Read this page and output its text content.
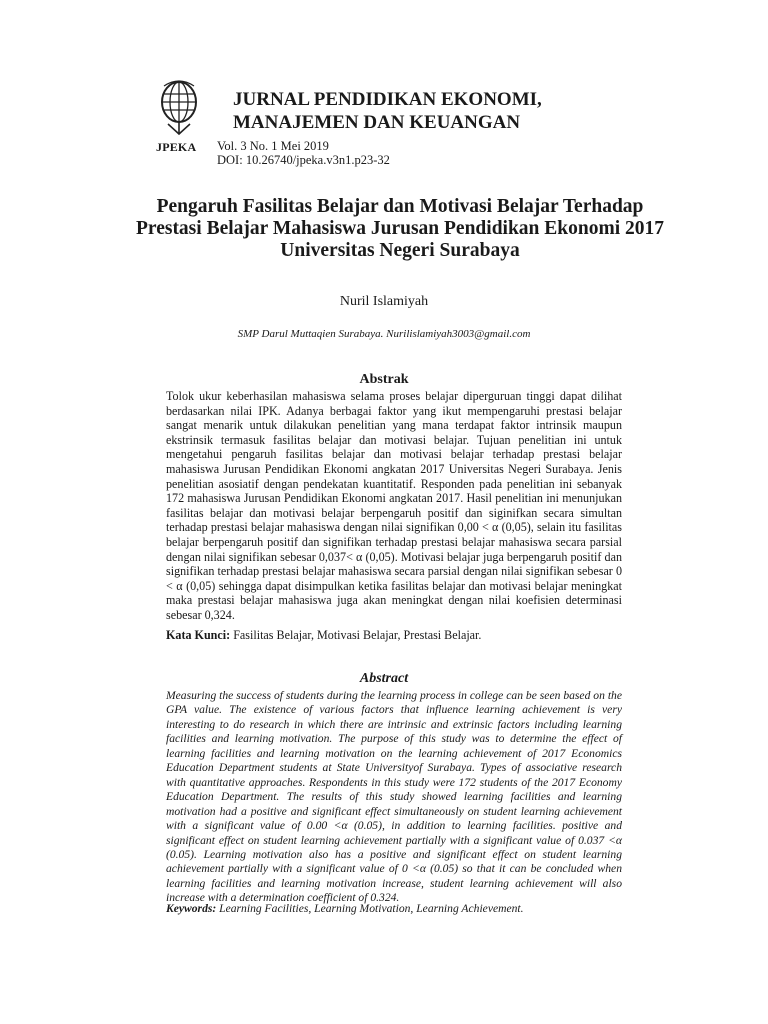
JPEKA
JURNAL PENDIDIKAN EKONOMI,
MANAJEMEN DAN KEUANGAN
Vol. 3 No. 1 Mei 2019
DOI: 10.26740/jpeka.v3n1.p23-32
Pengaruh Fasilitas Belajar dan Motivasi Belajar Terhadap
Prestasi Belajar Mahasiswa Jurusan Pendidikan Ekonomi 2017
Universitas Negeri Surabaya
Nuril Islamiyah
SMP Darul Muttaqien Surabaya. Nurilislamiyah3003@gmail.com
Abstrak

Tolok ukur keberhasilan mahasiswa selama proses belajar diperguruan tinggi dapat dilihat berdasarkan nilai IPK. Adanya berbagai faktor yang ikut mempengaruhi prestasi belajar sangat menarik untuk dilakukan penelitian yang mana terdapat faktor intrinsik maupun ekstrinsik termasuk fasilitas belajar dan motivasi belajar. Tujuan penelitian ini untuk mengetahui pengaruh fasilitas belajar dan motivasi belajar terhadap prestasi belajar mahasiswa Jurusan Pendidikan Ekonomi angkatan 2017 Universitas Negeri Surabaya. Jenis penelitian asosiatif dengan pendekatan kuantitatif. Responden pada penelitian ini sebanyak 172 mahasiswa Jurusan Pendidikan Ekonomi angkatan 2017. Hasil penelitian ini menunjukan fasilitas belajar dan motivasi belajar berpengaruh positif dan siginifkan secara simultan terhadap prestasi belajar mahasiswa dengan nilai signifikan 0,00 < α (0,05), selain itu fasilitas belajar berpengaruh positif dan signifikan terhadap prestasi belajar mahasiswa secara parsial dengan nilai signifikan sebesar 0,037< α (0,05). Motivasi belajar juga berpengaruh positif dan signifikan terhadap prestasi belajar mahasiswa secara parsial dengan nilai signifikan sebesar 0 < α (0,05) sehingga dapat disimpulkan ketika fasilitas belajar dan motivasi belajar meningkat maka prestasi belajar mahasiswa juga akan meningkat dengan nilai koefisien determinasi sebesar 0,324.

Kata Kunci: Fasilitas Belajar, Motivasi Belajar, Prestasi Belajar.
Abstract

Measuring the success of students during the learning process in college can be seen based on the GPA value. The existence of various factors that influence learning achievement is very interesting to do research in which there are intrinsic and extrinsic factors including learning facilities and learning motivation. The purpose of this study was to determine the effect of learning facilities and learning motivation on the learning achievement of 2017 Economics Education Department students at State Universityof Surabaya. Types of associative research with quantitative approaches. Respondents in this study were 172 students of the 2017 Economy Education Department. The results of this study showed learning facilities and learning motivation had a positive and significant effect simultaneously on student learning achievement with a significant value of 0.00 <α (0.05), in addition to learning facilities. positive and significant effect on student learning achievement partially with a significant value of 0.037 <α (0.05). Learning motivation also has a positive and significant effect on student learning achievement partially with a significant value of 0 <α (0.05) so that it can be concluded when learning facilities and learning motivation increase, student learning achievement will also increase with a determination coefficient of 0.324.

Keywords: Learning Facilities, Learning Motivation, Learning Achievement.
